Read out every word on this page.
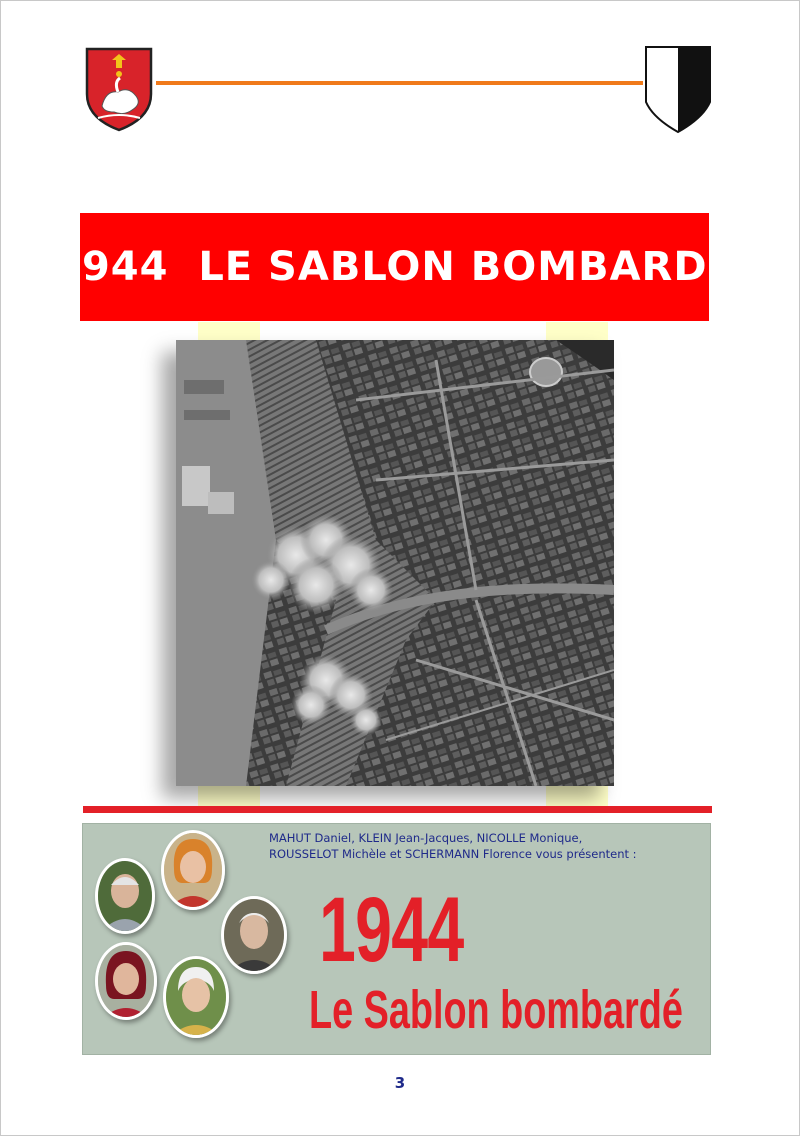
1944  LE SABLON BOMBARDÉ
MAHUT Daniel, KLEIN Jean-Jacques, NICOLLE Monique,
ROUSSELOT Michèle et SCHERMANN Florence vous présentent :
1944
Le Sablon bombardé
3
